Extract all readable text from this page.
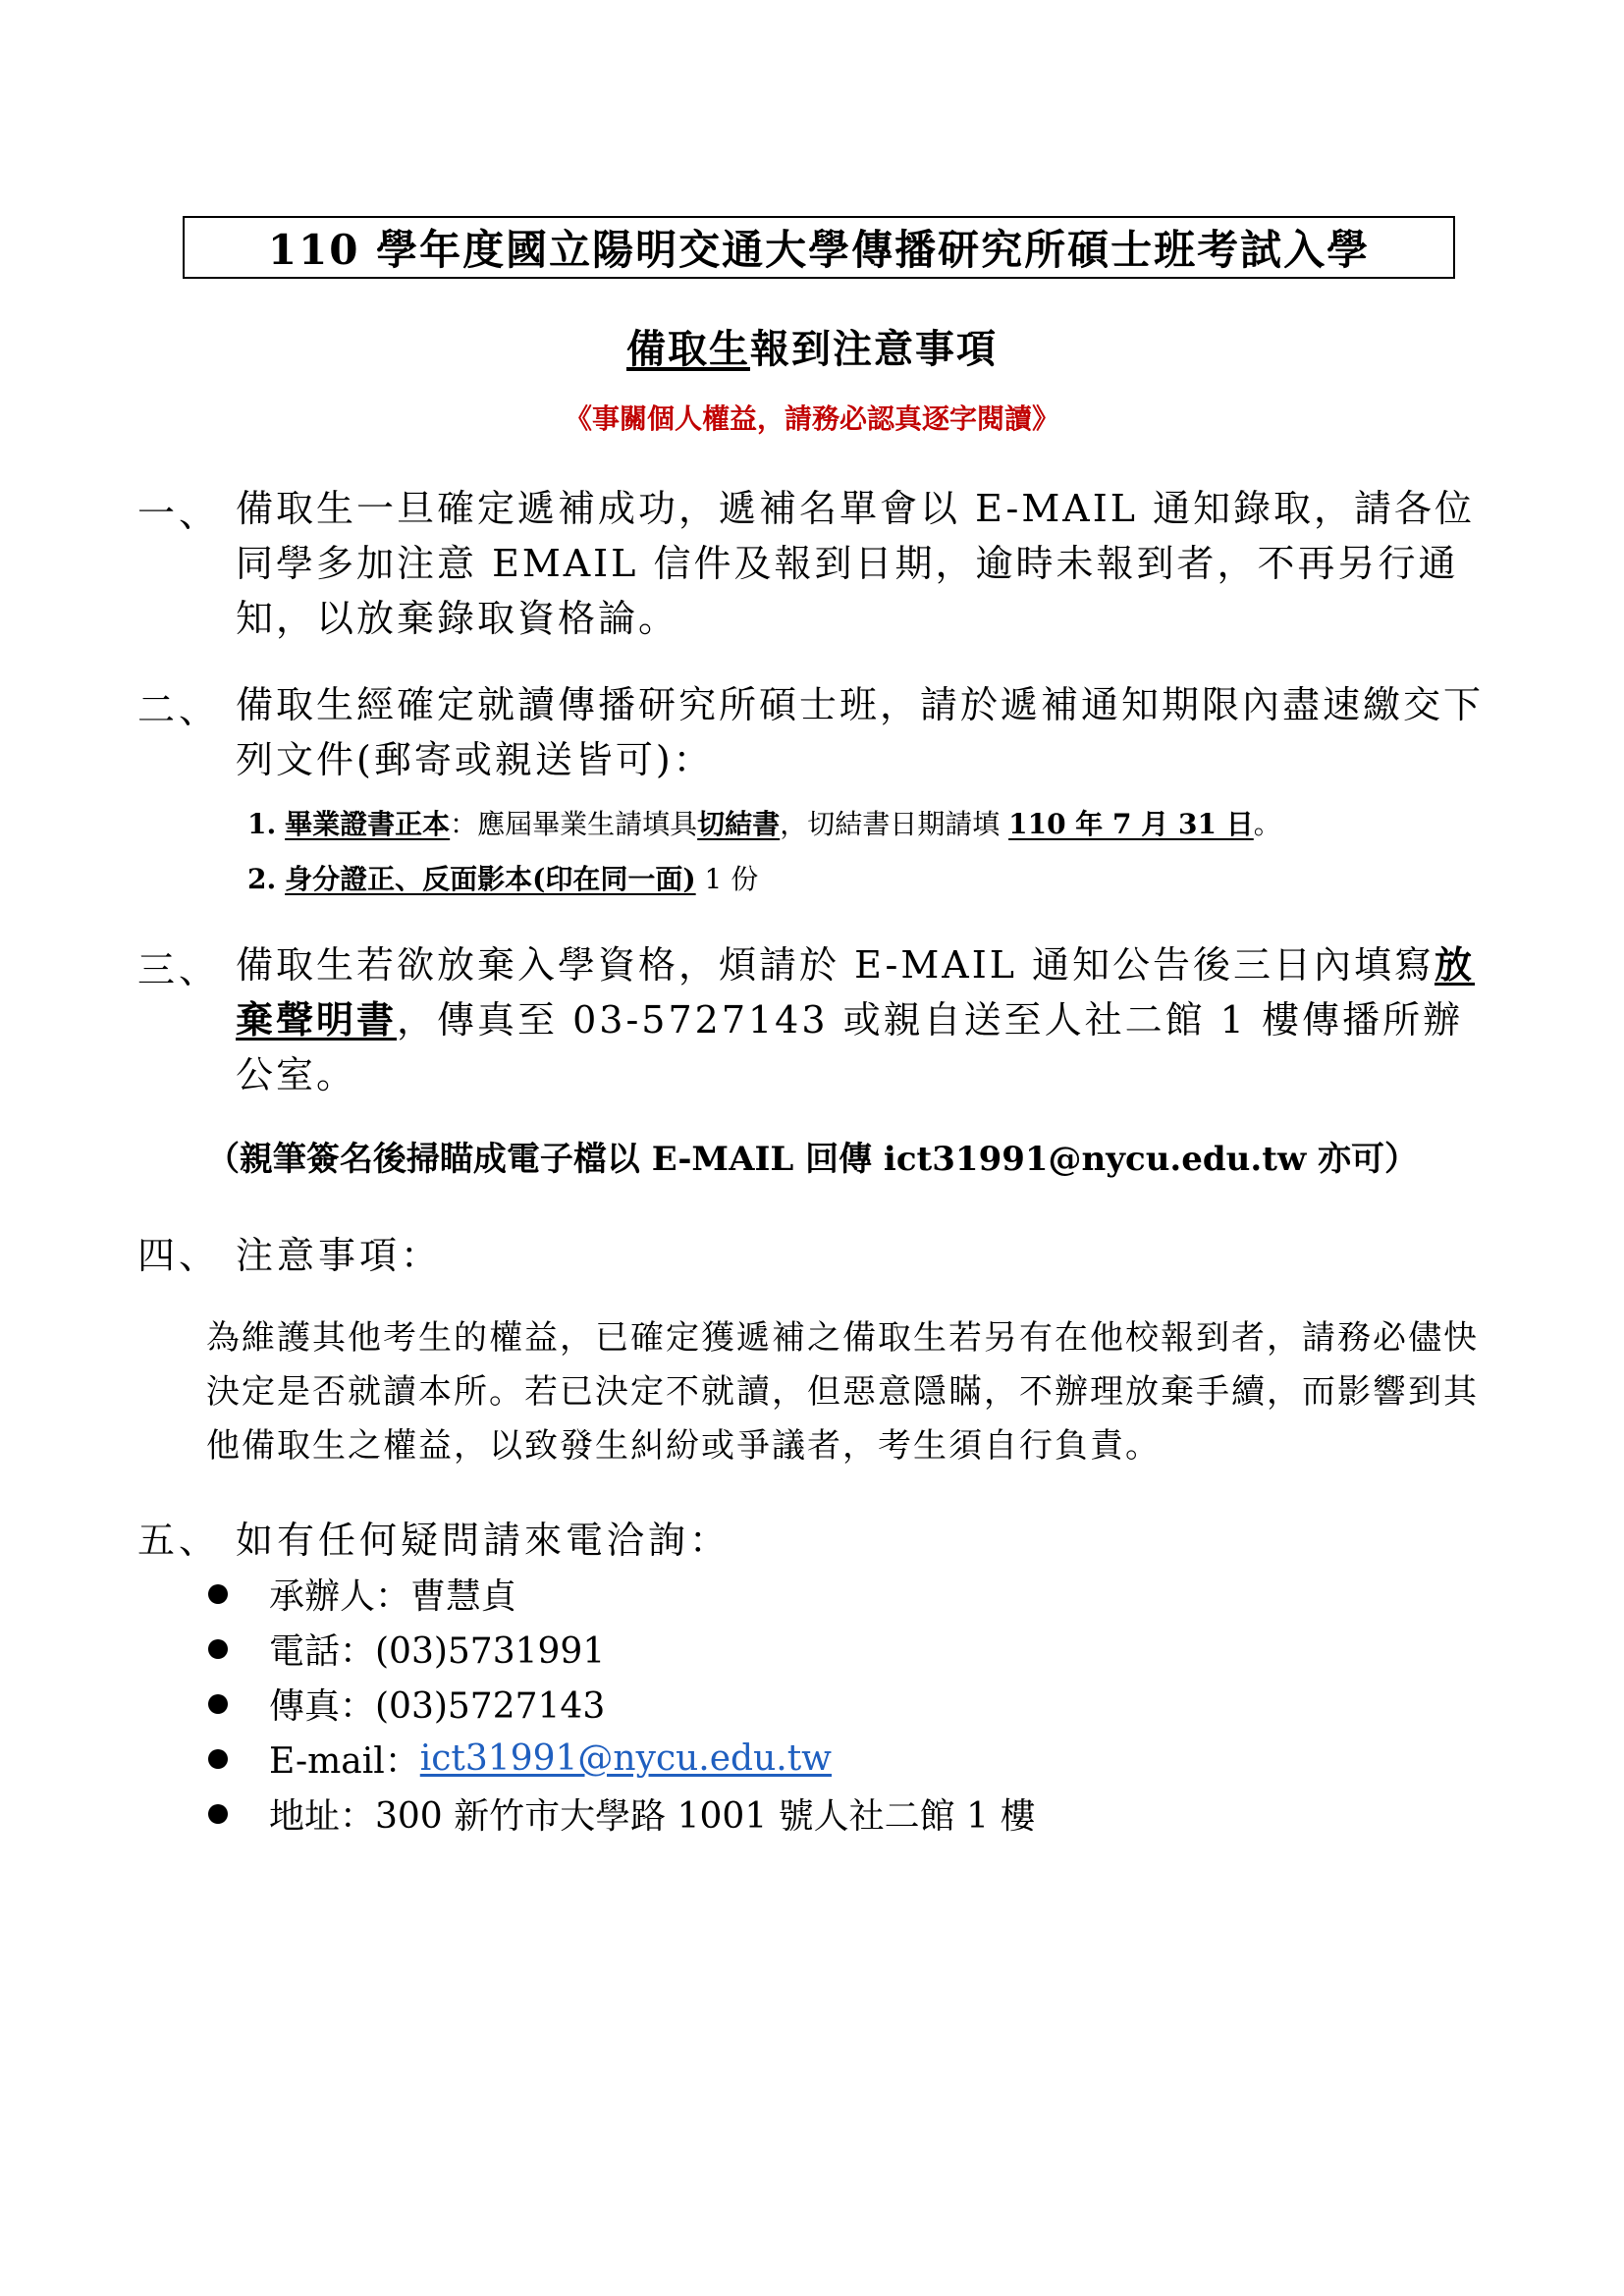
110 學年度國立陽明交通大學傳播研究所碩士班考試入學
備取生報到注意事項
《事關個人權益，請務必認真逐字閱讀》
一、 備取生一旦確定遞補成功，遞補名單會以 E-MAIL 通知錄取，請各位同學多加注意 EMAIL 信件及報到日期，逾時未報到者，不再另行通知，以放棄錄取資格論。
二、 備取生經確定就讀傳播研究所碩士班，請於遞補通知期限內盡速繳交下列文件(郵寄或親送皆可)：
1. 畢業證書正本：應屆畢業生請填具切結書，切結書日期請填 110 年 7 月 31 日。
2. 身分證正、反面影本(印在同一面) 1 份
三、 備取生若欲放棄入學資格，煩請於 E-MAIL 通知公告後三日內填寫放棄聲明書，傳真至 03-5727143 或親自送至人社二館 1 樓傳播所辦公室。
（親筆簽名後掃瞄成電子檔以 E-MAIL 回傳 ict31991@nycu.edu.tw 亦可）
四、 注意事項：
為維護其他考生的權益，已確定獲遞補之備取生若另有在他校報到者，請務必儘快決定是否就讀本所。若已決定不就讀，但惡意隱瞞，不辦理放棄手續，而影響到其他備取生之權益，以致發生糾紛或爭議者，考生須自行負責。
五、 如有任何疑問請來電洽詢：
承辦人：曹慧貞
電話：(03)5731991
傳真：(03)5727143
E-mail： ict31991@nycu.edu.tw
地址：300 新竹市大學路 1001 號人社二館 1 樓
